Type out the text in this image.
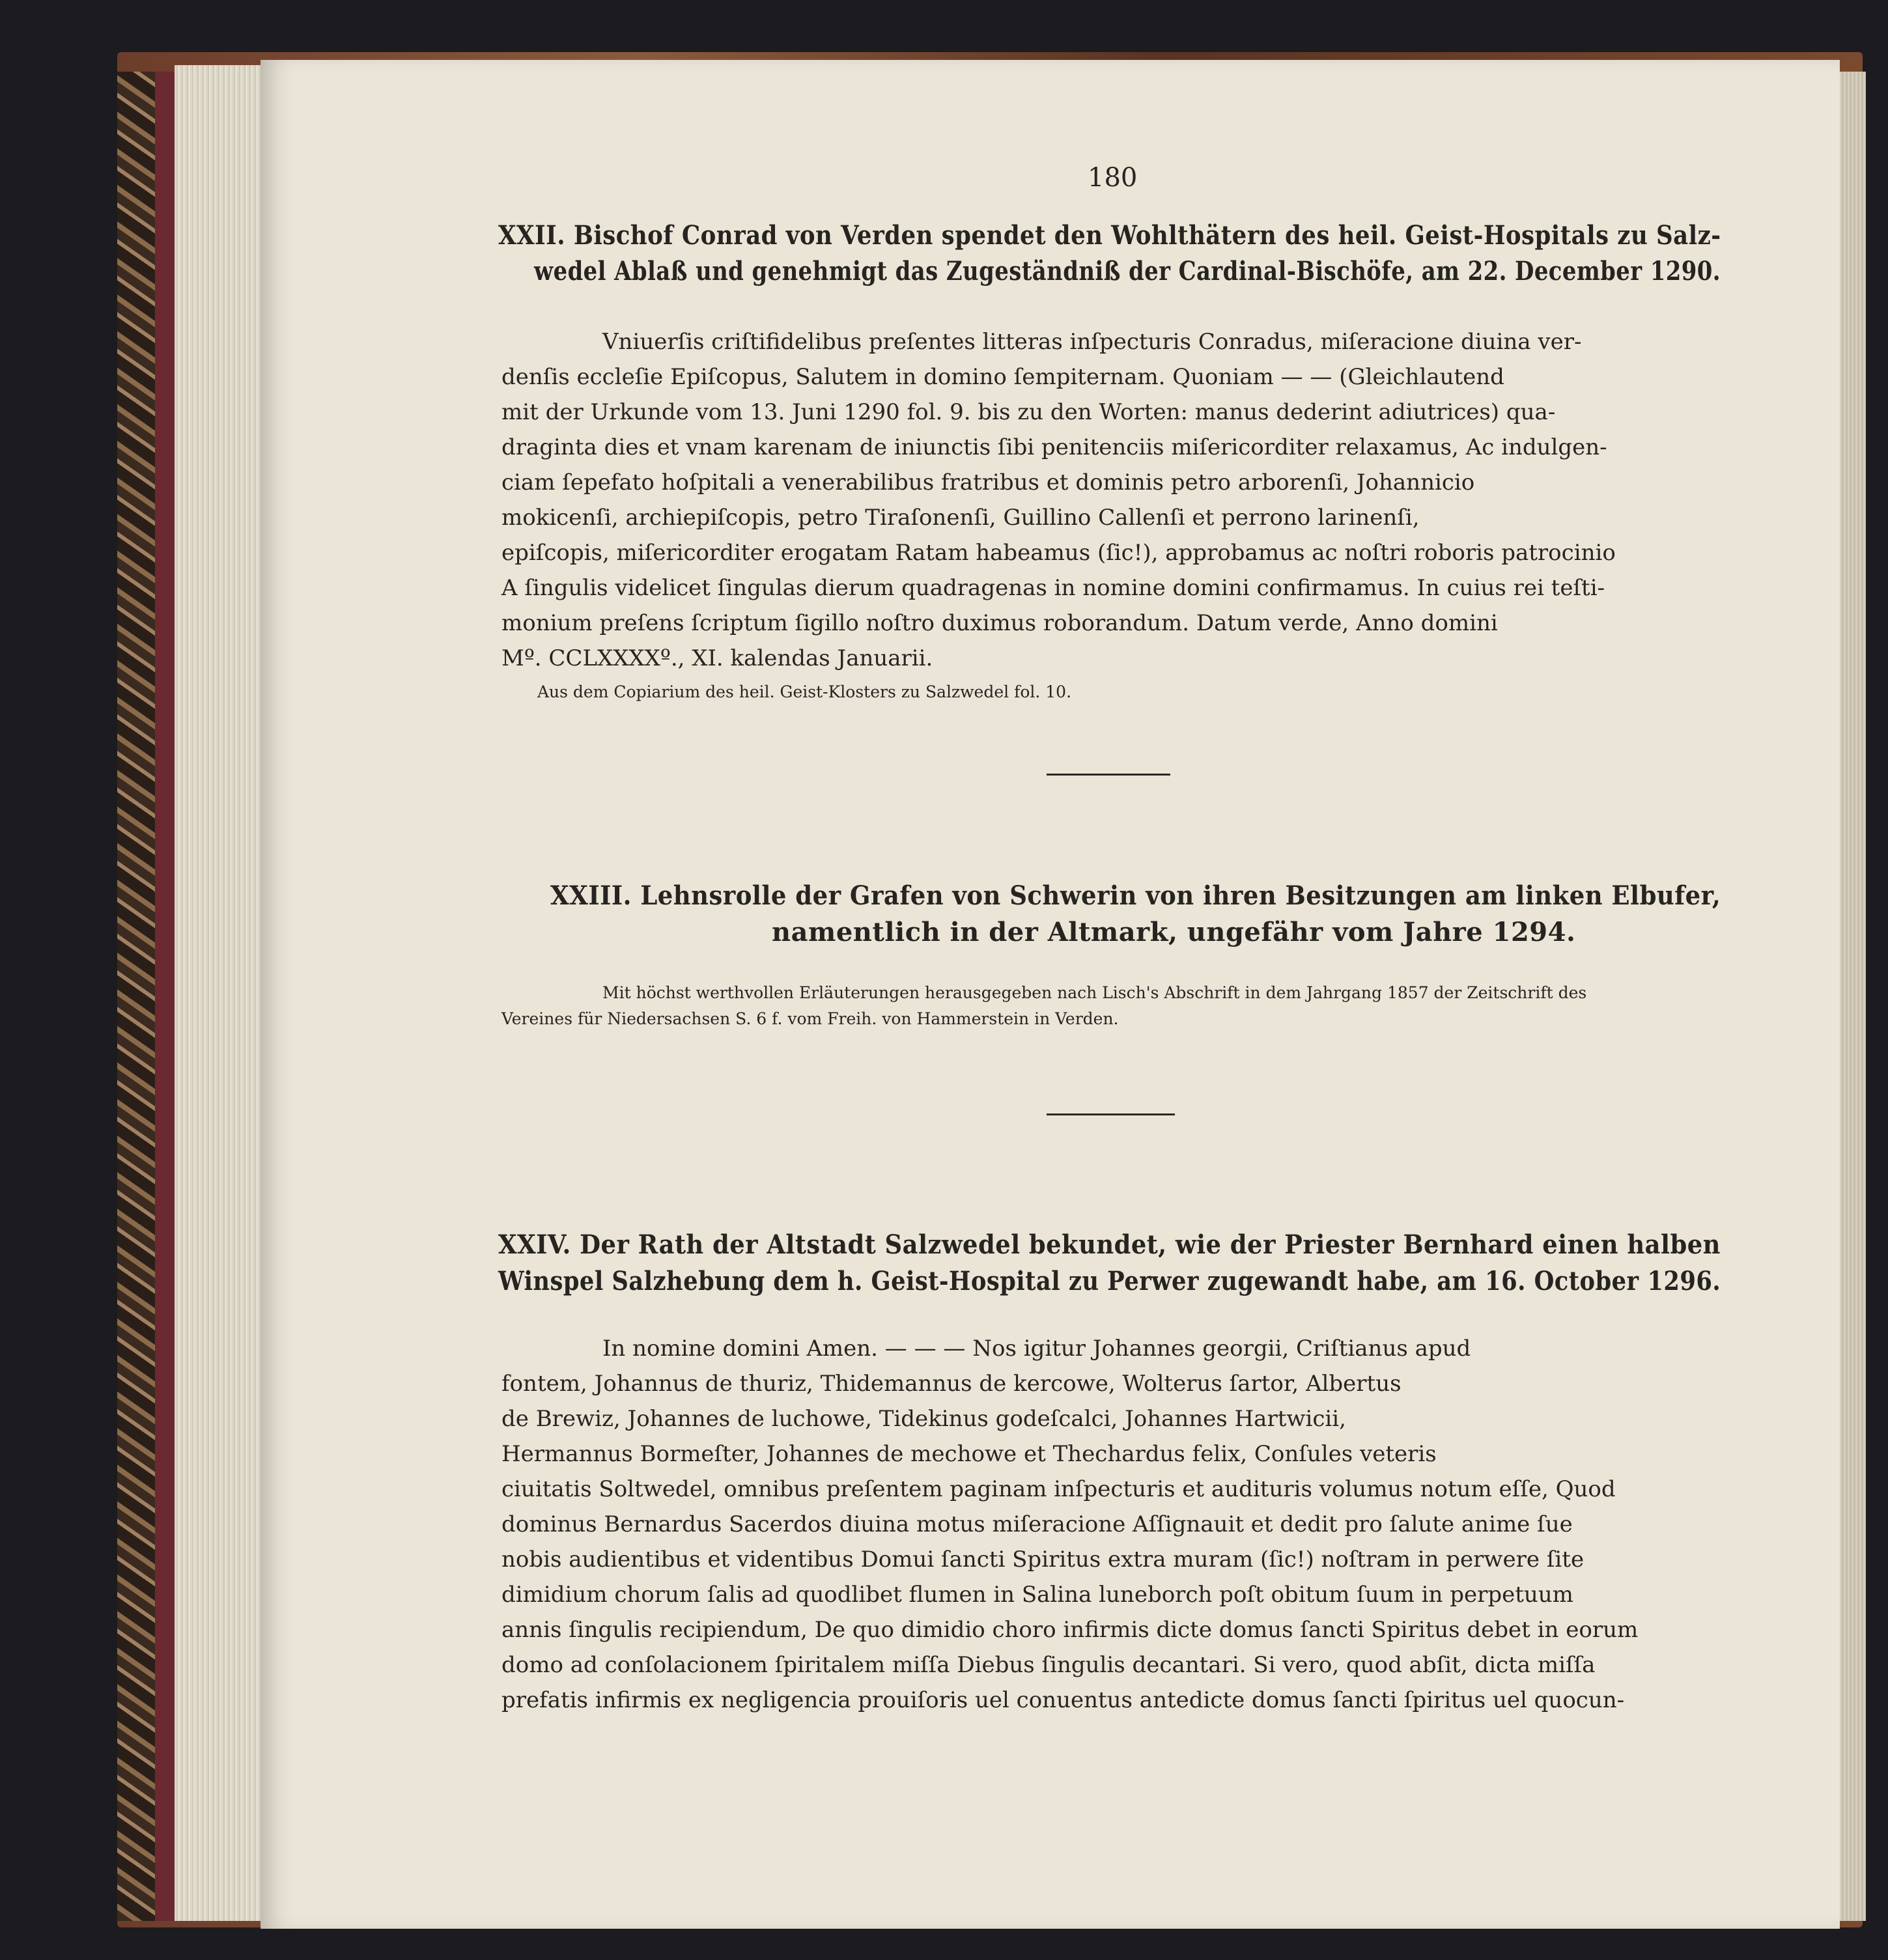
180
XXII. Bischof Conrad von Verden spendet den Wohlthätern des heil. Geist-Hospitals zu Salz-
wedel Ablaß und genehmigt das Zugeständniß der Cardinal-Bischöfe, am 22. December 1290.
Vniuerſis criſtifidelibus preſentes litteras inſpecturis Conradus, miſeracione diuina ver-
denſis eccleſie Epiſcopus, Salutem in domino ſempiternam. Quoniam — — (Gleichlautend
mit der Urkunde vom 13. Juni 1290 fol. 9. bis zu den Worten: manus dederint adiutrices) qua-
draginta dies et vnam karenam de iniunctis ſibi penitenciis miſericorditer relaxamus, Ac indulgen-
ciam ſepefato hoſpitali a venerabilibus fratribus et dominis petro arborenſi, Johannicio
mokicenſi, archiepiſcopis, petro Tiraſonenſi, Guillino Callenſi et perrono larinenſi,
epiſcopis, miſericorditer erogatam Ratam habeamus (ſic!), approbamus ac noſtri roboris patrocinio
A ſingulis videlicet ſingulas dierum quadragenas in nomine domini confirmamus. In cuius rei teſti-
monium preſens ſcriptum ſigillo noſtro duximus roborandum. Datum verde, Anno domini
Mº. CCLXXXXº., XI. kalendas Januarii.
Aus dem Copiarium des heil. Geist-Klosters zu Salzwedel fol. 10.
XXIII. Lehnsrolle der Grafen von Schwerin von ihren Besitzungen am linken Elbufer,
namentlich in der Altmark, ungefähr vom Jahre 1294.
Mit höchst werthvollen Erläuterungen herausgegeben nach Lisch's Abschrift in dem Jahrgang 1857 der Zeitschrift des
Vereines für Niedersachsen S. 6 f. vom Freih. von Hammerstein in Verden.
XXIV. Der Rath der Altstadt Salzwedel bekundet, wie der Priester Bernhard einen halben
Winspel Salzhebung dem h. Geist-Hospital zu Perwer zugewandt habe, am 16. October 1296.
In nomine domini Amen. — — — Nos igitur Johannes georgii, Criſtianus apud
fontem, Johannus de thuriz, Thidemannus de kercowe, Wolterus ſartor, Albertus
de Brewiz, Johannes de luchowe, Tidekinus godeſcalci, Johannes Hartwicii,
Hermannus Bormeſter, Johannes de mechowe et Thechardus felix, Conſules veteris
ciuitatis Soltwedel, omnibus preſentem paginam inſpecturis et audituris volumus notum eſſe, Quod
dominus Bernardus Sacerdos diuina motus miſeracione Aſſignauit et dedit pro ſalute anime ſue
nobis audientibus et videntibus Domui ſancti Spiritus extra muram (ſic!) noſtram in perwere ſite
dimidium chorum ſalis ad quodlibet flumen in Salina luneborch poſt obitum ſuum in perpetuum
annis ſingulis recipiendum, De quo dimidio choro infirmis dicte domus ſancti Spiritus debet in eorum
domo ad conſolacionem ſpiritalem miſſa Diebus ſingulis decantari. Si vero, quod abſit, dicta miſſa
prefatis infirmis ex negligencia prouiſoris uel conuentus antedicte domus ſancti ſpiritus uel quocun-
